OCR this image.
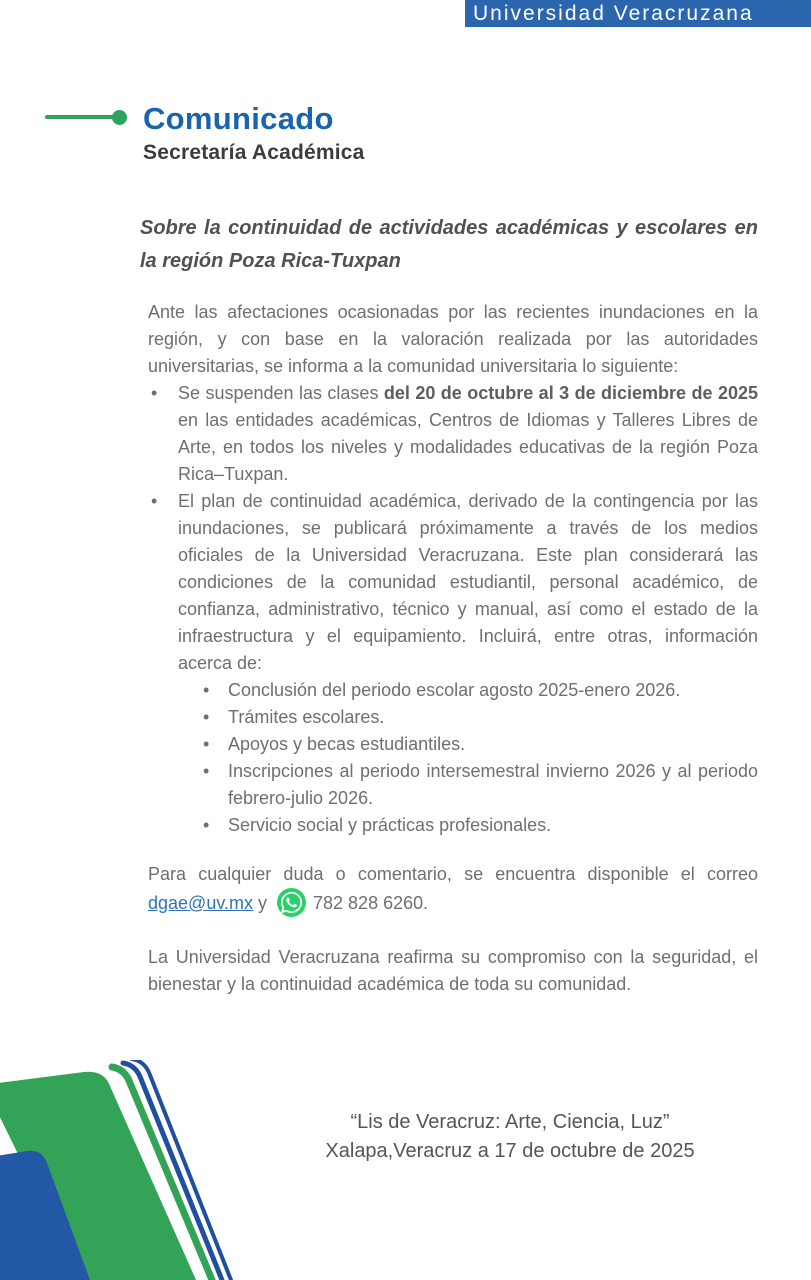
Universidad Veracruzana
Comunicado
Secretaría Académica
Sobre la continuidad de actividades académicas y escolares en la región Poza Rica-Tuxpan

Ante las afectaciones ocasionadas por las recientes inundaciones en la región, y con base en la valoración realizada por las autoridades universitarias, se informa a la comunidad universitaria lo siguiente:

• Se suspenden las clases del 20 de octubre al 3 de diciembre de 2025 en las entidades académicas, Centros de Idiomas y Talleres Libres de Arte, en todos los niveles y modalidades educativas de la región Poza Rica–Tuxpan.
• El plan de continuidad académica, derivado de la contingencia por las inundaciones, se publicará próximamente a través de los medios oficiales de la Universidad Veracruzana. Este plan considerará las condiciones de la comunidad estudiantil, personal académico, de confianza, administrativo, técnico y manual, así como el estado de la infraestructura y el equipamiento. Incluirá, entre otras, información acerca de:
• Conclusión del periodo escolar agosto 2025-enero 2026.
• Trámites escolares.
• Apoyos y becas estudiantiles.
• Inscripciones al periodo intersemestral invierno 2026 y al periodo febrero-julio 2026.
• Servicio social y prácticas profesionales.

Para cualquier duda o comentario, se encuentra disponible el correo dgae@uv.mx y 782 828 6260.

La Universidad Veracruzana reafirma su compromiso con la seguridad, el bienestar y la continuidad académica de toda su comunidad.

“Lis de Veracruz: Arte, Ciencia, Luz”
Xalapa,Veracruz a 17 de octubre de 2025
